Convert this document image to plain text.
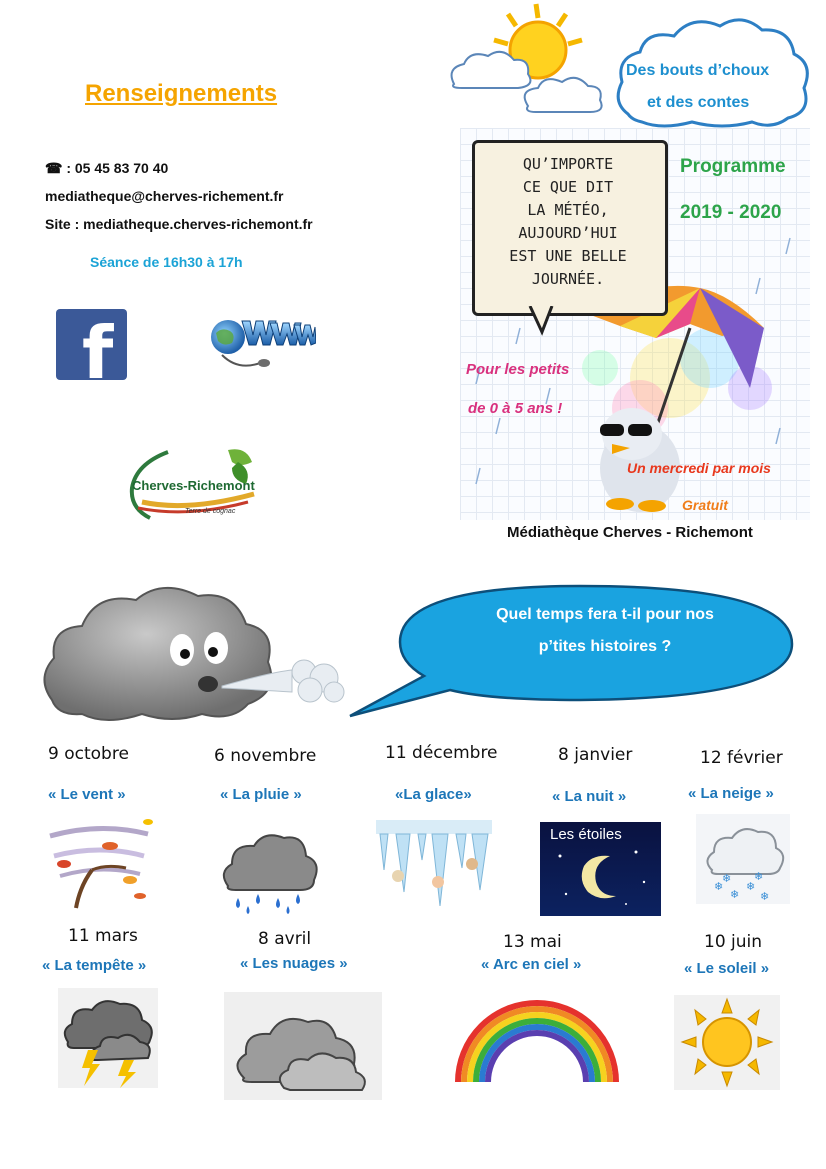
Renseignements
☎ : 05 45 83 70 40
mediatheque@cherves-richement.fr
Site : mediatheque.cherves-richemont.fr
Séance de 16h30 à 17h
f
Cherves-Richemont
Terre de cognac
Des bouts d’choux
et des contes
QU’IMPORTE
CE QUE DIT
LA MÉTÉO,
AUJOURD’HUI
EST UNE BELLE
JOURNÉE.
Programme
2019 - 2020
Pour les petits
de 0 à 5 ans !
Un mercredi par mois
Gratuit
Médiathèque Cherves - Richemont
Quel temps fera t-il pour nos
p’tites histoires ?
9 octobre
« Le vent »
6 novembre
« La pluie »
11 décembre
«La glace»
8 janvier
« La nuit »
Les étoiles
12 février
« La neige »
❄
❄
❄
❄
❄ ❄
11 mars
« La tempête »
8 avril
« Les nuages »
13 mai
« Arc en ciel »
10 juin
« Le soleil »
